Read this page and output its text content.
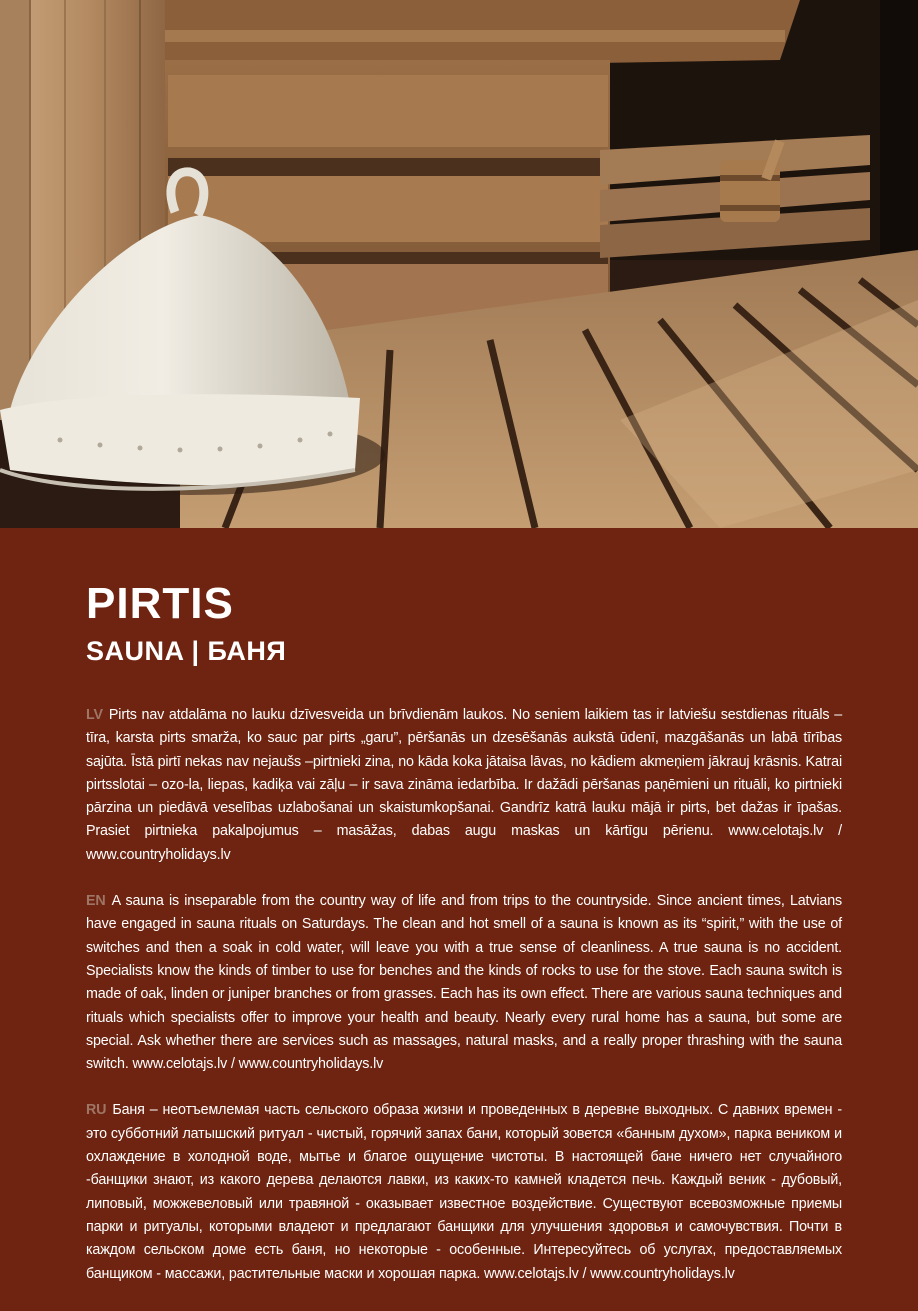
PIRTIS
SAUNA | БАНЯ

LV Pirts nav atdalāma no lauku dzīvesveida un brīvdienām laukos. No seniem laikiem tas ir latviešu sestdienas rituāls – tīra, karsta pirts smarža, ko sauc par pirts „garu”, pēršanās un dzesēšanās aukstā ūdenī, mazgāšanās un labā tīrības sajūta. Īstā pirtī nekas nav nejaušs –pirtnieki zina, no kāda koka jātaisa lāvas, no kādiem akmeņiem jākrauj krāsnis. Katrai pirtsslotai – ozo-la, liepas, kadiķa vai zāļu – ir sava zināma iedarbība. Ir dažādi pēršanas paņēmieni un rituāli, ko pirtnieki pārzina un piedāvā veselības uzlabošanai un skaistumkopšanai. Gandrīz katrā lauku mājā ir pirts, bet dažas ir īpašas. Prasiet pirtnieka pakalpojumus – masāžas, dabas augu maskas un kārtīgu pērienu. www.celotajs.lv / www.countryholidays.lv

EN A sauna is inseparable from the country way of life and from trips to the countryside. Since ancient times, Latvians have engaged in sauna rituals on Saturdays. The clean and hot smell of a sauna is known as its “spirit,” with the use of switches and then a soak in cold water, will leave you with a true sense of cleanliness. A true sauna is no accident. Specialists know the kinds of timber to use for benches and the kinds of rocks to use for the stove. Each sauna switch is made of oak, linden or juniper branches or from grasses. Each has its own effect. There are various sauna techniques and rituals which specialists offer to improve your health and beauty. Nearly every rural home has a sauna, but some are special. Ask whether there are services such as massages, natural masks, and a really proper thrashing with the sauna switch. www.celotajs.lv / www.countryholidays.lv

RU Баня – неотъемлемая часть сельского образа жизни и проведенных в деревне выходных. С давних времен - это субботний латышский ритуал - чистый, горячий запах бани, который зовется «банным духом», парка веником и охлаждение в холодной воде, мытье и благое ощущение чистоты. В настоящей бане ничего нет случайного -банщики знают, из какого дерева делаются лавки, из каких-то камней кладется печь. Каждый веник - дубовый, липовый, можжевеловый или травяной - оказывает известное воздействие. Существуют всевозможные приемы парки и ритуалы, которыми владеют и предлагают банщики для улучшения здоровья и самочувствия. Почти в каждом сельском доме есть баня, но некоторые - особенные. Интересуйтесь об услугах, предоставляемых банщиком - массажи, растительные маски и хорошая парка. www.celotajs.lv / www.countryholidays.lv
